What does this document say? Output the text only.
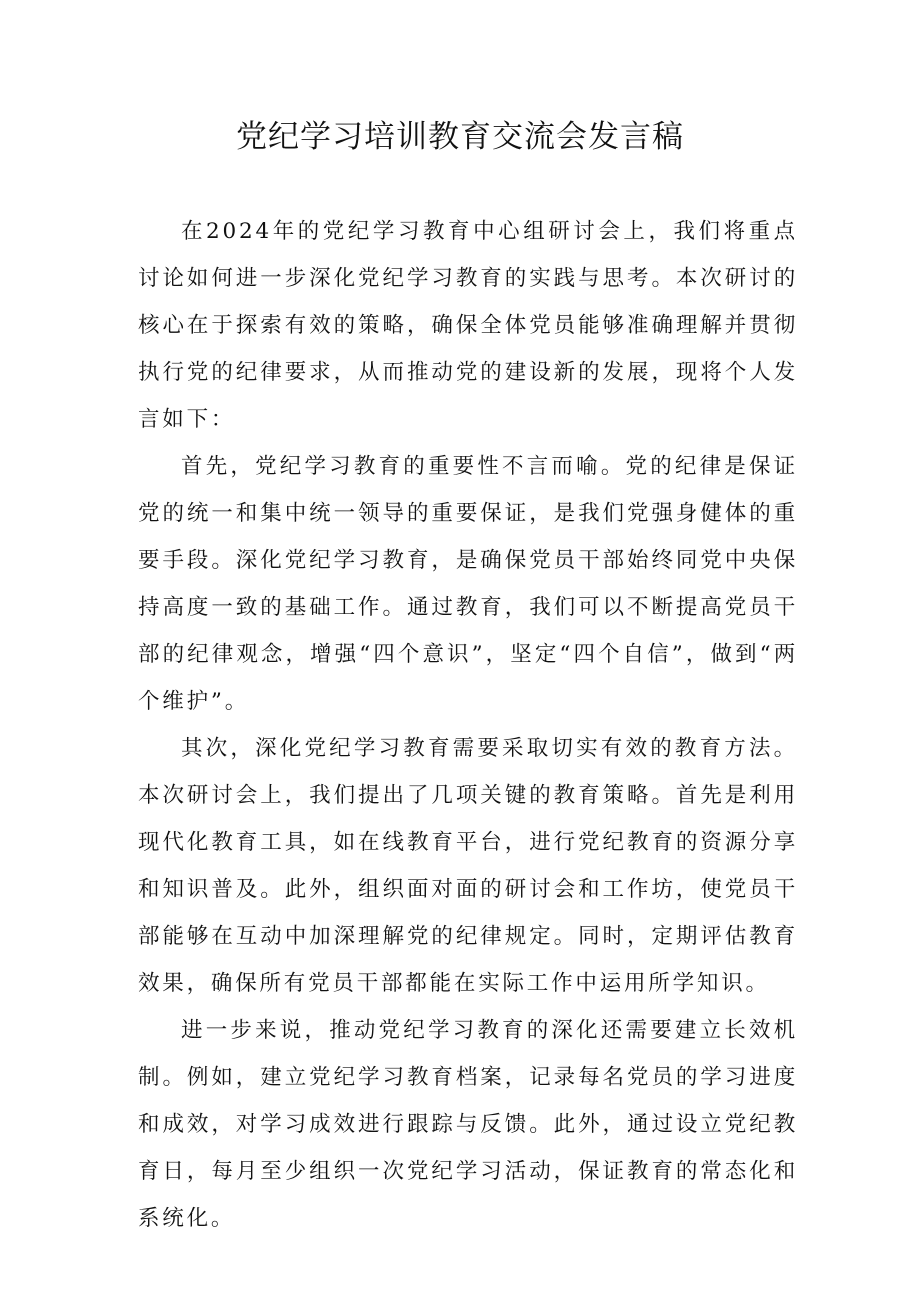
党纪学习培训教育交流会发言稿

在2024年的党纪学习教育中心组研讨会上，我们将重点讨论如何进一步深化党纪学习教育的实践与思考。本次研讨的核心在于探索有效的策略，确保全体党员能够准确理解并贯彻执行党的纪律要求，从而推动党的建设新的发展，现将个人发言如下：

首先，党纪学习教育的重要性不言而喻。党的纪律是保证党的统一和集中统一领导的重要保证，是我们党强身健体的重要手段。深化党纪学习教育，是确保党员干部始终同党中央保持高度一致的基础工作。通过教育，我们可以不断提高党员干部的纪律观念，增强“四个意识”，坚定“四个自信”，做到“两个维护”。

其次，深化党纪学习教育需要采取切实有效的教育方法。本次研讨会上，我们提出了几项关键的教育策略。首先是利用现代化教育工具，如在线教育平台，进行党纪教育的资源分享和知识普及。此外，组织面对面的研讨会和工作坊，使党员干部能够在互动中加深理解党的纪律规定。同时，定期评估教育效果，确保所有党员干部都能在实际工作中运用所学知识。

进一步来说，推动党纪学习教育的深化还需要建立长效机制。例如，建立党纪学习教育档案，记录每名党员的学习进度和成效，对学习成效进行跟踪与反馈。此外，通过设立党纪教育日，每月至少组织一次党纪学习活动，保证教育的常态化和系统化。
